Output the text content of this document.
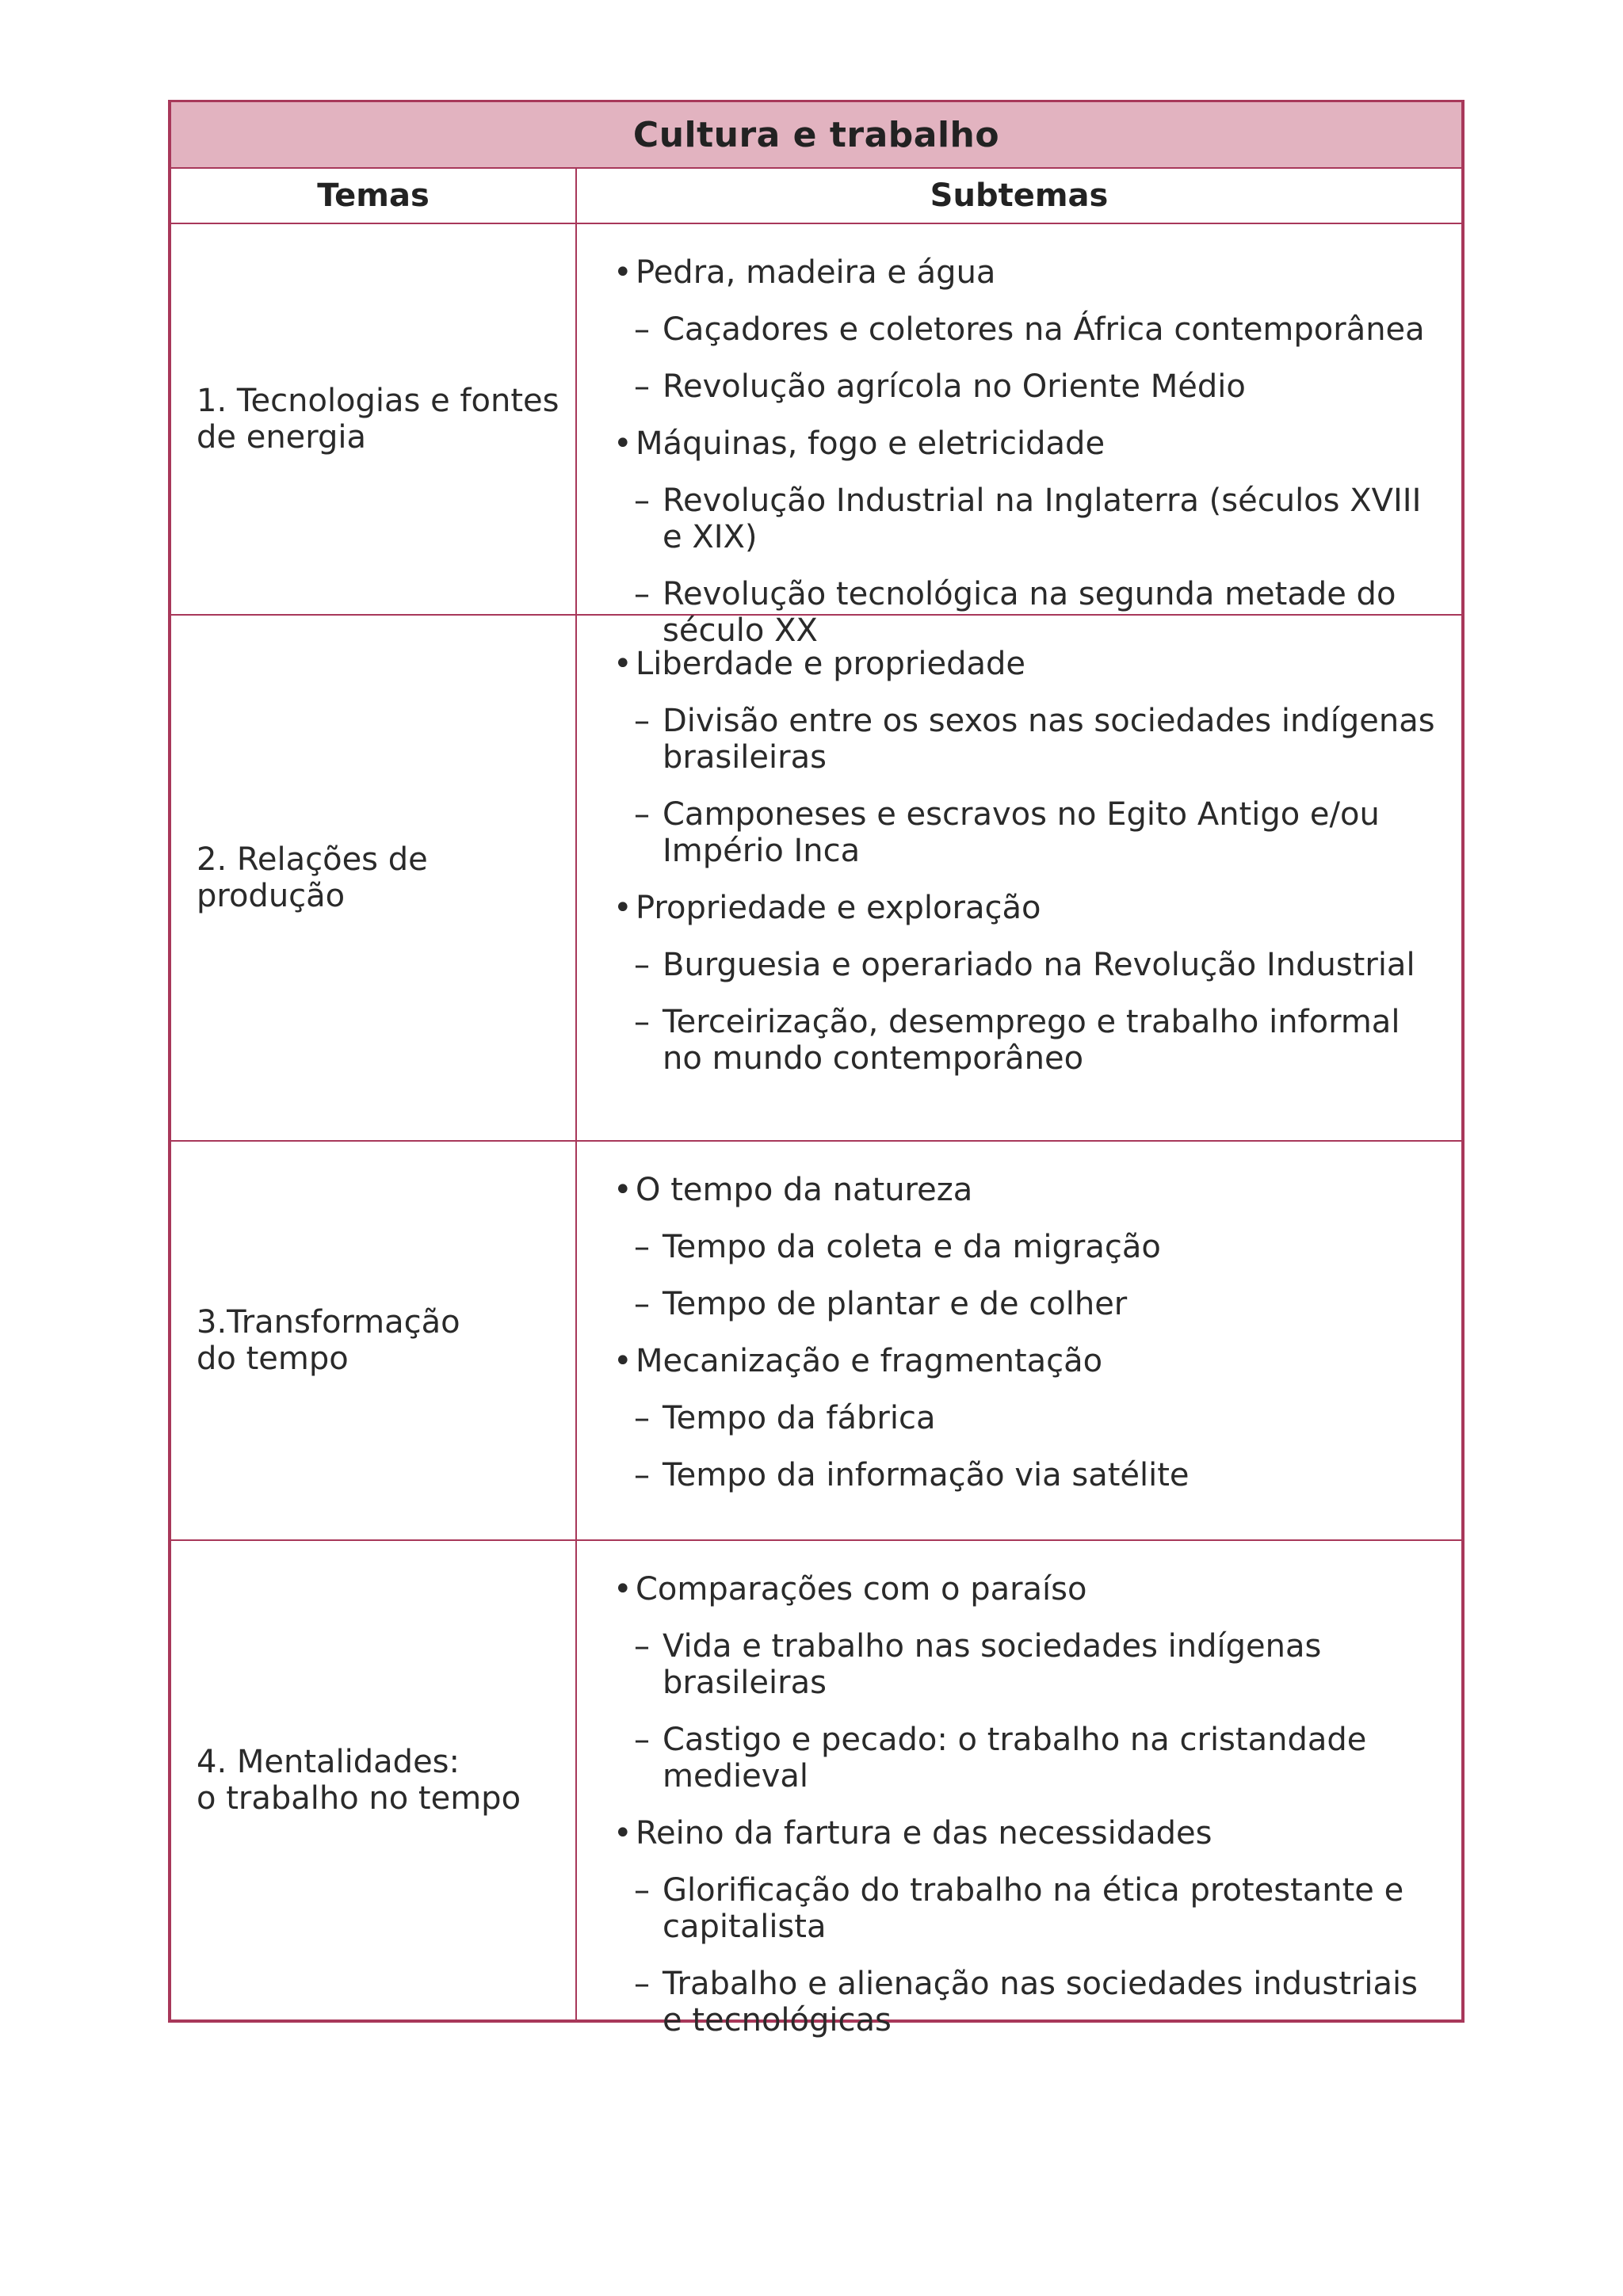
Cultura e trabalho
Temas	Subtemas
1. Tecnologias e fontes
de energia
• Pedra, madeira e água
– Caçadores e coletores na África contemporânea
– Revolução agrícola no Oriente Médio
• Máquinas, fogo e eletricidade
– Revolução Industrial na Inglaterra (séculos XVIII e XIX)
– Revolução tecnológica na segunda metade do século XX
2. Relações de produção
• Liberdade e propriedade
– Divisão entre os sexos nas sociedades indígenas brasileiras
– Camponeses e escravos no Egito Antigo e/ou Império Inca
• Propriedade e exploração
– Burguesia e operariado na Revolução Industrial
– Terceirização, desemprego e trabalho informal no mundo contemporâneo
3.Transformação
do tempo
• O tempo da natureza
– Tempo da coleta e da migração
– Tempo de plantar e de colher
• Mecanização e fragmentação
– Tempo da fábrica
– Tempo da informação via satélite
4. Mentalidades:
o trabalho no tempo
• Comparações com o paraíso
– Vida e trabalho nas sociedades indígenas brasileiras
– Castigo e pecado: o trabalho na cristandade medieval
• Reino da fartura e das necessidades
– Glorificação do trabalho na ética protestante e capitalista
– Trabalho e alienação nas sociedades industriais e tecnológicas
